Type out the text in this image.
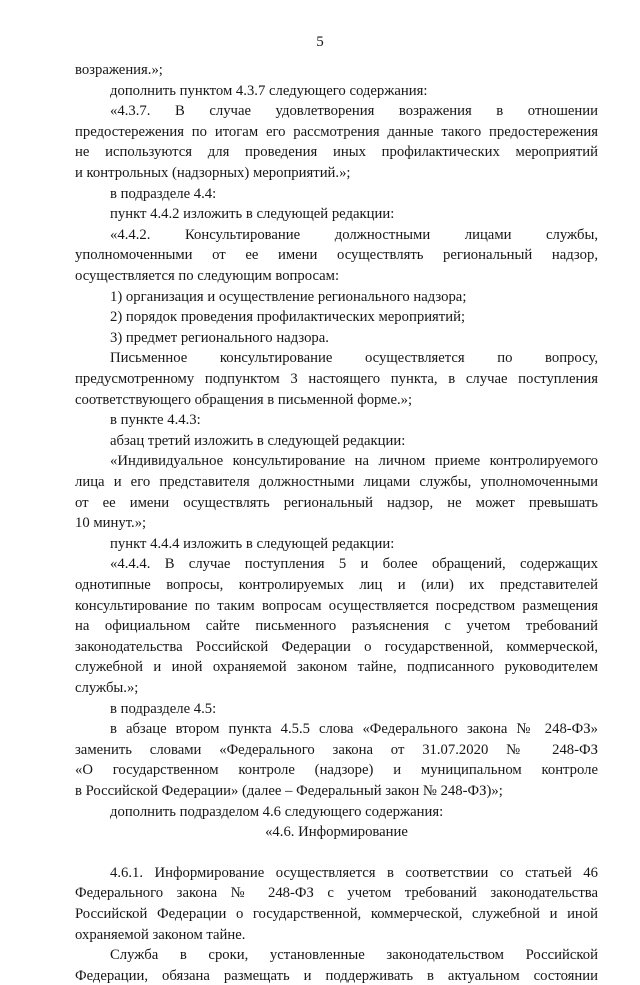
5
возражения.»;
дополнить пунктом 4.3.7 следующего содержания:
«4.3.7. В случае удовлетворения возражения в отношении
предостережения по итогам его рассмотрения данные такого предостережения
не используются для проведения иных профилактических мероприятий
и контрольных (надзорных) мероприятий.»;
в подразделе 4.4:
пункт 4.4.2 изложить в следующей редакции:
«4.4.2. Консультирование должностными лицами службы,
уполномоченными от ее имени осуществлять региональный надзор,
осуществляется по следующим вопросам:
1) организация и осуществление регионального надзора;
2) порядок проведения профилактических мероприятий;
3) предмет регионального надзора.
Письменное консультирование осуществляется по вопросу,
предусмотренному подпунктом 3 настоящего пункта, в случае поступления
соответствующего обращения в письменной форме.»;
в пункте 4.4.3:
абзац третий изложить в следующей редакции:
«Индивидуальное консультирование на личном приеме контролируемого
лица и его представителя должностными лицами службы, уполномоченными
от ее имени осуществлять региональный надзор, не может превышать
10 минут.»;
пункт 4.4.4 изложить в следующей редакции:
«4.4.4. В случае поступления 5 и более обращений, содержащих
однотипные вопросы, контролируемых лиц и (или) их представителей
консультирование по таким вопросам осуществляется посредством размещения
на официальном сайте письменного разъяснения с учетом требований
законодательства Российской Федерации о государственной, коммерческой,
служебной и иной охраняемой законом тайне, подписанного руководителем
службы.»;
в подразделе 4.5:
в абзаце втором пункта 4.5.5 слова «Федерального закона № 248-ФЗ»
заменить словами «Федерального закона от 31.07.2020 № 248-ФЗ
«О государственном контроле (надзоре) и муниципальном контроле
в Российской Федерации» (далее – Федеральный закон № 248-ФЗ)»;
дополнить подразделом 4.6 следующего содержания:
«4.6. Информирование
4.6.1. Информирование осуществляется в соответствии со статьей 46
Федерального закона № 248-ФЗ с учетом требований законодательства
Российской Федерации о государственной, коммерческой, служебной и иной
охраняемой законом тайне.
Служба в сроки, установленные законодательством Российской
Федерации, обязана размещать и поддерживать в актуальном состоянии
